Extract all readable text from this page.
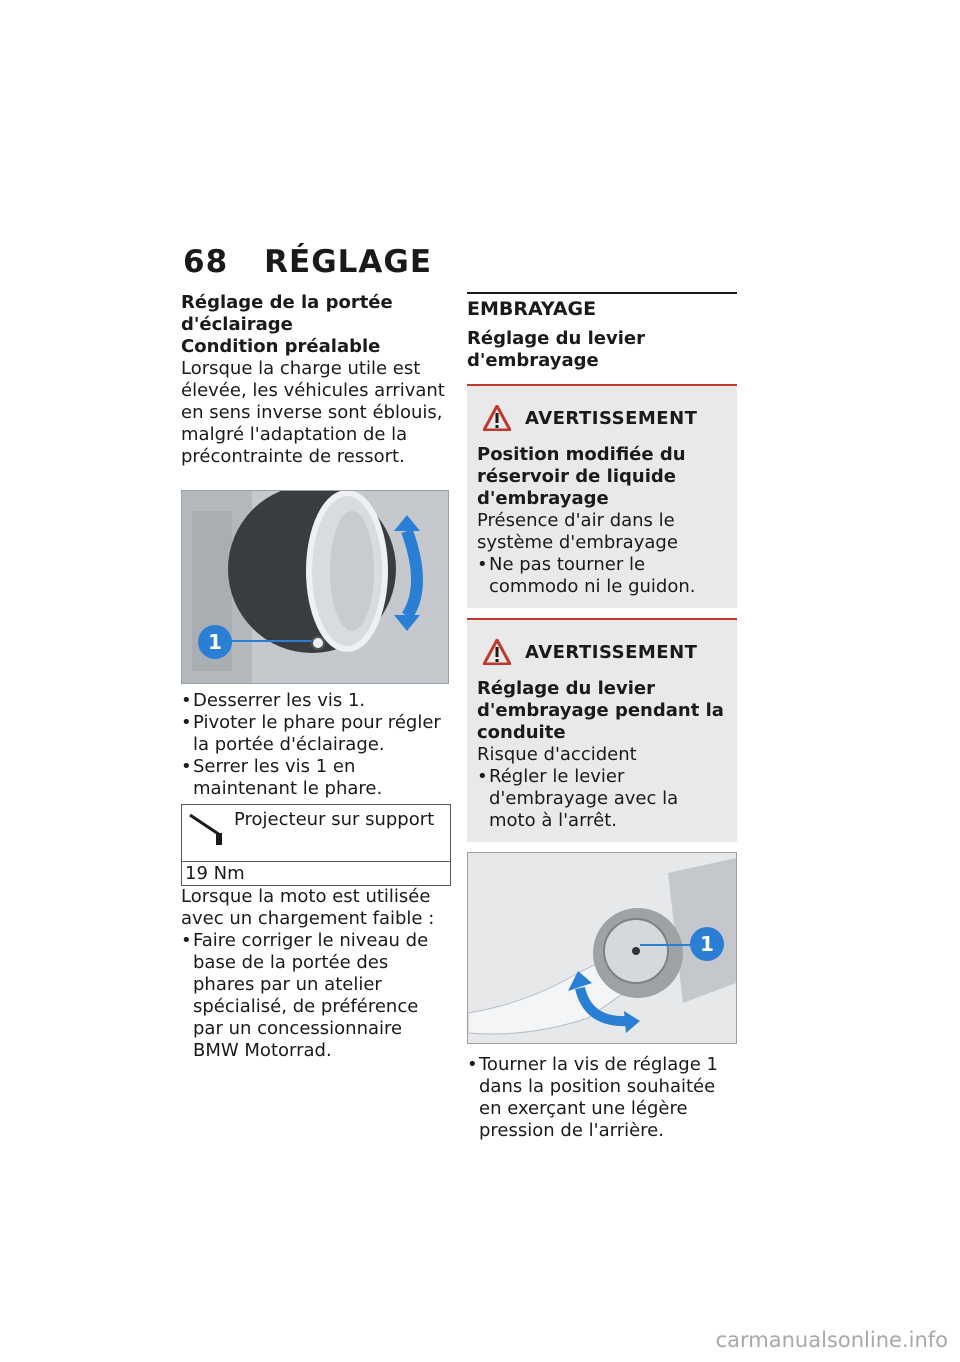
68 RÉGLAGE
Réglage de la portée d'éclairage
Condition préalable
Lorsque la charge utile est élevée, les véhicules arrivant en sens inverse sont éblouis, malgré l'adaptation de la précontrainte de ressort.
1
• Desserrer les vis 1.
• Pivoter le phare pour régler la portée d'éclairage.
• Serrer les vis 1 en maintenant le phare.
Projecteur sur support
19 Nm
Lorsque la moto est utilisée avec un chargement faible :
• Faire corriger le niveau de base de la portée des phares par un atelier spécialisé, de préférence par un concessionnaire BMW Motorrad.
EMBRAYAGE
Réglage du levier d'embrayage
AVERTISSEMENT
Position modifiée du réservoir de liquide d'embrayage
Présence d'air dans le système d'embrayage
• Ne pas tourner le commodo ni le guidon.
AVERTISSEMENT
Réglage du levier d'embrayage pendant la conduite
Risque d'accident
• Régler le levier d'embrayage avec la moto à l'arrêt.
1
• Tourner la vis de réglage 1 dans la position souhaitée en exerçant une légère pression de l'arrière.
carmanualsonline.info
